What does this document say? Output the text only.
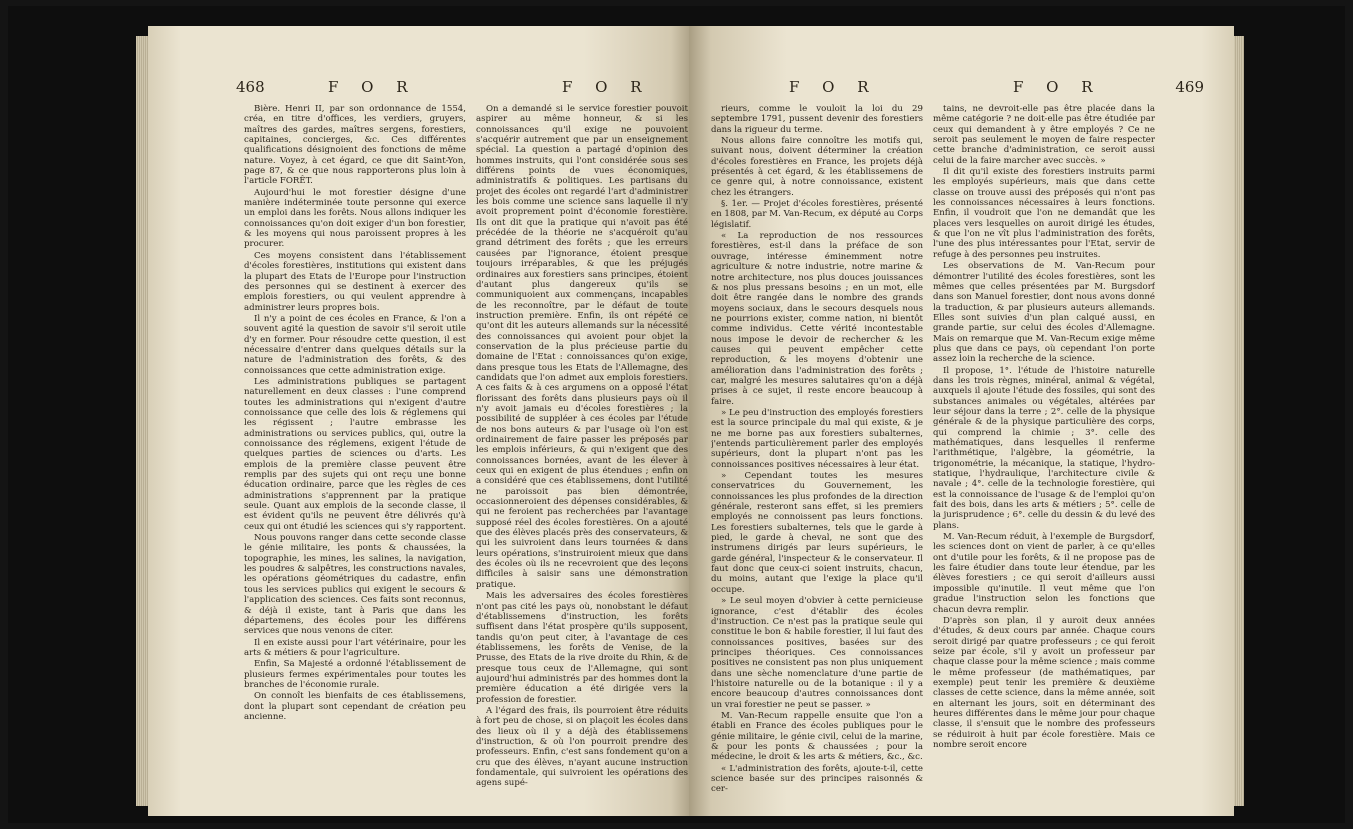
468	F O R	F O R

Bière. Henri II, par son ordonnance de 1554, créa, en titre d'offices, les verdiers, gruyers, maîtres des gardes, maîtres sergens, forestiers, capitaines, concierges, &c. Ces différentes qualifications désignoient des fonctions de même nature. Voyez, à cet égard, ce que dit Saint-Yon, page 87, & ce que nous rapporterons plus loin à l'article FORÊT.

Aujourd'hui le mot forestier désigne d'une manière indéterminée toute personne qui exerce un emploi dans les forêts. Nous allons indiquer les connoissances qu'on doit exiger d'un bon forestier, & les moyens qui nous paroissent propres à les procurer.

Ces moyens consistent dans l'établissement d'écoles forestières, institutions qui existent dans la plupart des Etats de l'Europe pour l'instruction des personnes qui se destinent à exercer des emplois forestiers, ou qui veulent apprendre à administrer leurs propres bois.

Il n'y a point de ces écoles en France, & l'on a souvent agité la question de savoir s'il seroit utile d'y en former. Pour résoudre cette question, il est nécessaire d'entrer dans quelques détails sur la nature de l'administration des forêts, & des connoissances que cette administration exige.

Les administrations publiques se partagent naturellement en deux classes : l'une comprend toutes les administrations qui n'exigent d'autre connoissance que celle des lois & réglemens qui les régissent ; l'autre embrasse les administrations ou services publics, qui, outre la connoissance des réglemens, exigent l'étude de quelques parties de sciences ou d'arts. Les emplois de la première classe peuvent être remplis par des sujets qui ont reçu une bonne éducation ordinaire, parce que les règles de ces administrations s'apprennent par la pratique seule. Quant aux emplois de la seconde classe, il est évident qu'ils ne peuvent être délivrés qu'à ceux qui ont étudié les sciences qui s'y rapportent.

Nous pouvons ranger dans cette seconde classe le génie militaire, les ponts & chaussées, la topographie, les mines, les salines, la navigation, les poudres & salpêtres, les constructions navales, les opérations géométriques du cadastre, enfin tous les services publics qui exigent le secours & l'application des sciences. Ces faits sont reconnus, & déjà il existe, tant à Paris que dans les départemens, des écoles pour les différens services que nous venons de citer.

Il en existe aussi pour l'art vétérinaire, pour les arts & métiers & pour l'agriculture.

Enfin, Sa Majesté a ordonné l'établissement de plusieurs fermes expérimentales pour toutes les branches de l'économie rurale.

On connoît les bienfaits de ces établissemens, dont la plupart sont cependant de création peu ancienne.

On a demandé si le service forestier pouvoit aspirer au même honneur, & si les connoissances qu'il exige ne pouvoient s'acquérir autrement que par un enseignement spécial. La question a partagé d'opinion des hommes instruits, qui l'ont considérée sous ses différens points de vues économiques, administratifs & politiques. Les partisans du projet des écoles ont regardé l'art d'administrer les bois comme une science sans laquelle il n'y avoit proprement point d'économie forestière. Ils ont dit que la pratique qui n'avoit pas été précédée de la théorie ne s'acquéroit qu'au grand détriment des forêts ; que les erreurs causées par l'ignorance, étoient presque toujours irréparables, & que les préjugés ordinaires aux forestiers sans principes, étoient d'autant plus dangereux qu'ils se communiquoient aux commençans, incapables de les reconnoître, par le défaut de toute instruction première. Enfin, ils ont répété ce qu'ont dit les auteurs allemands sur la nécessité des connoissances qui avoient pour objet la conservation de la plus précieuse partie du domaine de l'Etat : connoissances qu'on exige, dans presque tous les Etats de l'Allemagne, des candidats que l'on admet aux emplois forestiers. A ces faits & à ces argumens on a opposé l'état florissant des forêts dans plusieurs pays où il n'y avoit jamais eu d'écoles forestières ; la possibilité de suppléer à ces écoles par l'étude de nos bons auteurs & par l'usage où l'on est ordinairement de faire passer les préposés par les emplois inférieurs, & qui n'exigent que des connoissances bornées, avant de les élever à ceux qui en exigent de plus étendues ; enfin on a considéré que ces établissemens, dont l'utilité ne paroissoit pas bien démontrée, occasionneroient des dépenses considérables, & qui ne feroient pas recherchées par l'avantage supposé réel des écoles forestières. On a ajouté que des élèves placés près des conservateurs, & qui les suivroient dans leurs tournées & dans leurs opérations, s'instruiroient mieux que dans des écoles où ils ne recevroient que des leçons difficiles à saisir sans une démonstration pratique.

Mais les adversaires des écoles forestières n'ont pas cité les pays où, nonobstant le défaut d'établissemens d'instruction, les forêts suffisent dans l'état prospère qu'ils supposent, tandis qu'on peut citer, à l'avantage de ces établissemens, les forêts de Venise, de la Prusse, des Etats de la rive droite du Rhin, & de presque tous ceux de l'Allemagne, qui sont aujourd'hui administrés par des hommes dont la première éducation a été dirigée vers la profession de forestier.

A l'égard des frais, ils pourroient être réduits à fort peu de chose, si on plaçoit les écoles dans des lieux où il y a déjà des établissemens d'instruction, & où l'on pourroit prendre des professeurs. Enfin, c'est sans fondement qu'on a cru que des élèves, n'ayant aucune instruction fondamentale, qui suivroient les opérations des agens supé-

F O R	F O R	469

rieurs, comme le vouloit la loi du 29 septembre 1791, pussent devenir des forestiers dans la rigueur du terme.

Nous allons faire connoître les motifs qui, suivant nous, doivent déterminer la création d'écoles forestières en France, les projets déjà présentés à cet égard, & les établissemens de ce genre qui, à notre connoissance, existent chez les étrangers.

§. 1er. — Projet d'écoles forestières, présenté en 1808, par M. Van-Recum, ex député au Corps législatif.

« La reproduction de nos ressources forestières, est-il dans la préface de son ouvrage, intéresse éminemment notre agriculture & notre industrie, notre marine & notre architecture, nos plus douces jouissances & nos plus pressans besoins ; en un mot, elle doit être rangée dans le nombre des grands moyens sociaux, dans le secours desquels nous ne pourrions exister, comme nation, ni bientôt comme individus. Cette vérité incontestable nous impose le devoir de rechercher & les causes qui peuvent empêcher cette reproduction, & les moyens d'obtenir une amélioration dans l'administration des forêts ; car, malgré les mesures salutaires qu'on a déjà prises à ce sujet, il reste encore beaucoup à faire.

» Le peu d'instruction des employés forestiers est la source principale du mal qui existe, & je ne me borne pas aux forestiers subalternes, j'entends particulièrement parler des employés supérieurs, dont la plupart n'ont pas les connoissances positives nécessaires à leur état.

» Cependant toutes les mesures conservatrices du Gouvernement, les connoissances les plus profondes de la direction générale, resteront sans effet, si les premiers employés ne connoissent pas leurs fonctions. Les forestiers subalternes, tels que le garde à pied, le garde à cheval, ne sont que des instrumens dirigés par leurs supérieurs, le garde général, l'inspecteur & le conservateur. Il faut donc que ceux-ci soient instruits, chacun, du moins, autant que l'exige la place qu'il occupe.

» Le seul moyen d'obvier à cette pernicieuse ignorance, c'est d'établir des écoles d'instruction. Ce n'est pas la pratique seule qui constitue le bon & habile forestier, il lui faut des connoissances positives, basées sur des principes théoriques. Ces connoissances positives ne consistent pas non plus uniquement dans une sèche nomenclature d'une partie de l'histoire naturelle ou de la botanique : il y a encore beaucoup d'autres connoissances dont un vrai forestier ne peut se passer. »

M. Van-Recum rappelle ensuite que l'on a établi en France des écoles publiques pour le génie militaire, le génie civil, celui de la marine, & pour les ponts & chaussées ; pour la médecine, le droit & les arts & métiers, &c., &c.

« L'administration des forêts, ajoute-t-il, cette science basée sur des principes raisonnés & cer-

tains, ne devroit-elle pas être placée dans la même catégorie ? ne doit-elle pas être étudiée par ceux qui demandent à y être employés ? Ce ne seroit pas seulement le moyen de faire respecter cette branche d'administration, ce seroit aussi celui de la faire marcher avec succès. »

Il dit qu'il existe des forestiers instruits parmi les employés supérieurs, mais que dans cette classe on trouve aussi des préposés qui n'ont pas les connoissances nécessaires à leurs fonctions. Enfin, il voudroit que l'on ne demandât que les places vers lesquelles on auroit dirigé les études, & que l'on ne vît plus l'administration des forêts, l'une des plus intéressantes pour l'Etat, servir de refuge à des personnes peu instruites.

Les observations de M. Van-Recum pour démontrer l'utilité des écoles forestières, sont les mêmes que celles présentées par M. Burgsdorf dans son Manuel forestier, dont nous avons donné la traduction, & par plusieurs auteurs allemands. Elles sont suivies d'un plan calqué aussi, en grande partie, sur celui des écoles d'Allemagne. Mais on remarque que M. Van-Recum exige même plus que dans ce pays, où cependant l'on porte assez loin la recherche de la science.

Il propose, 1°. l'étude de l'histoire naturelle dans les trois règnes, minéral, animal & végétal, auxquels il ajoute l'étude des fossiles, qui sont des substances animales ou végétales, altérées par leur séjour dans la terre ; 2°. celle de la physique générale & de la physique particulière des corps, qui comprend la chimie ; 3°. celle des mathématiques, dans lesquelles il renferme l'arithmétique, l'algèbre, la géométrie, la trigonométrie, la mécanique, la statique, l'hydro-statique, l'hydraulique, l'architecture civile & navale ; 4°. celle de la technologie forestière, qui est la connoissance de l'usage & de l'emploi qu'on fait des bois, dans les arts & métiers ; 5°. celle de la jurisprudence ; 6°. celle du dessin & du levé des plans.

M. Van-Recum réduit, à l'exemple de Burgsdorf, les sciences dont on vient de parler, à ce qu'elles ont d'utile pour les forêts, & il ne propose pas de les faire étudier dans toute leur étendue, par les élèves forestiers ; ce qui seroit d'ailleurs aussi impossible qu'inutile. Il veut même que l'on gradue l'instruction selon les fonctions que chacun devra remplir.

D'après son plan, il y auroit deux années d'études, & deux cours par année. Chaque cours seroit dirigé par quatre professeurs ; ce qui feroit seize par école, s'il y avoit un professeur par chaque classe pour la même science ; mais comme le même professeur (de mathématiques, par exemple) peut tenir les première & deuxième classes de cette science, dans la même année, soit en alternant les jours, soit en déterminant des heures différentes dans le même jour pour chaque classe, il s'ensuit que le nombre des professeurs se réduiroit à huit par école forestière. Mais ce nombre seroit encore
